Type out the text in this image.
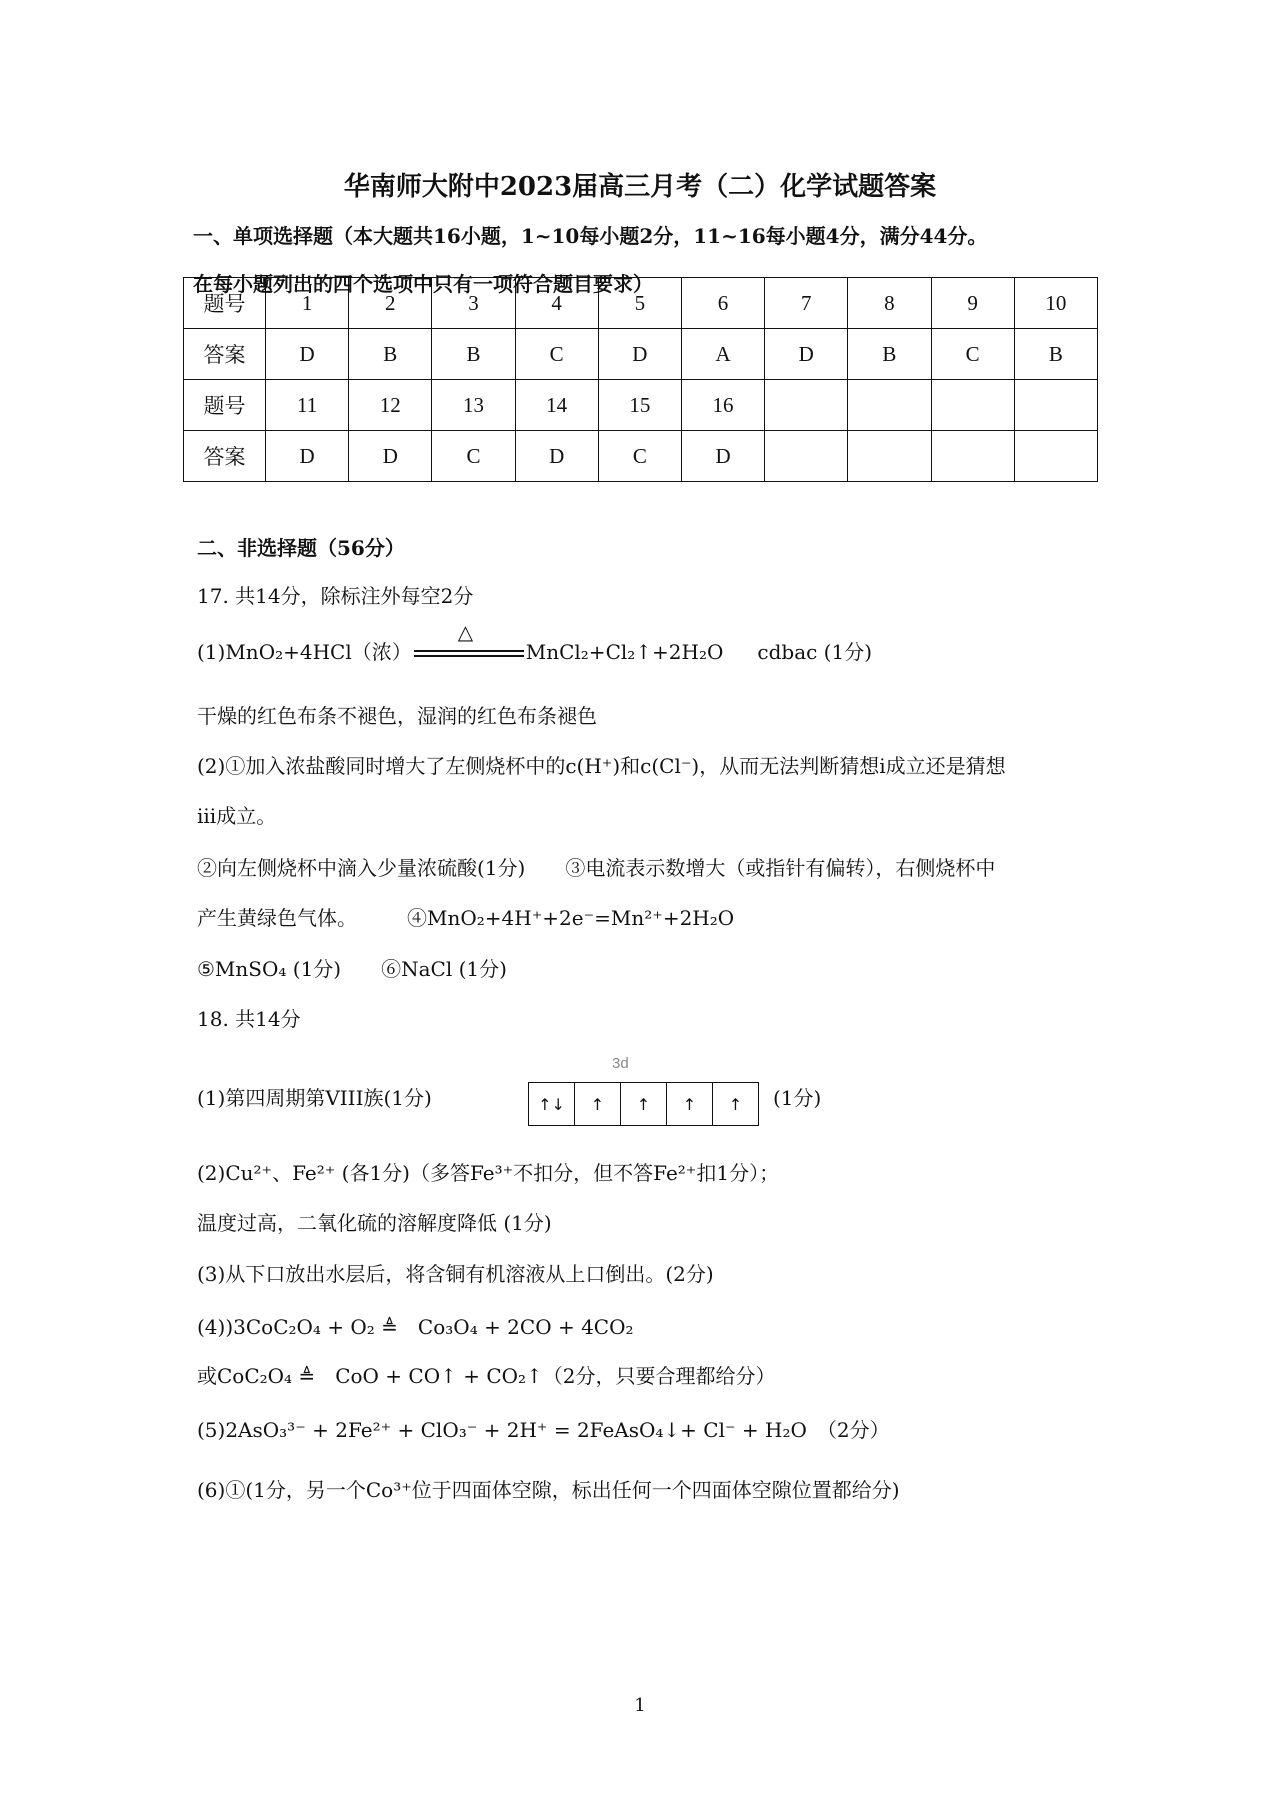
华南师大附中2023届高三月考（二）化学试题答案
一、单项选择题（本大题共16小题，1~10每小题2分，11~16每小题4分，满分44分。
在每小题列出的四个选项中只有一项符合题目要求）
题号	1	2	3	4	5	6	7	8	9	10
答案	D	B	B	C	D	A	D	B	C	B
题号	11	12	13	14	15	16				
答案	D	D	C	D	C	D				
二、非选择题（56分）
17. 共14分，除标注外每空2分
(1)MnO₂+4HCl（浓）
△
MnCl₂+Cl₂↑+2H₂O cdbac (1分)
干燥的红色布条不褪色，湿润的红色布条褪色
(2)①加入浓盐酸同时增大了左侧烧杯中的c(H⁺)和c(Cl⁻)，从而无法判断猜想i成立还是猜想
iii成立。
②向左侧烧杯中滴入少量浓硫酸(1分)　　③电流表示数增大（或指针有偏转），右侧烧杯中
产生黄绿色气体。　　　④MnO₂+4H⁺+2e⁻=Mn²⁺+2H₂O
⑤MnSO₄ (1分)　　⑥NaCl (1分)
18. 共14分
(1)第四周期第VIII族(1分)
3d
↑↓	↑	↑	↑	↑	(1分)
(2)Cu²⁺、Fe²⁺ (各1分)（多答Fe³⁺不扣分，但不答Fe²⁺扣1分）；
温度过高，二氧化硫的溶解度降低 (1分)
(3)从下口放出水层后，将含铜有机溶液从上口倒出。(2分)
(4))3CoC₂O₄ + O₂ ≜　Co₃O₄ + 2CO + 4CO₂
或CoC₂O₄ ≜　CoO + CO↑ + CO₂↑（2分，只要合理都给分）
(5)2AsO₃³⁻ + 2Fe²⁺ + ClO₃⁻ + 2H⁺ = 2FeAsO₄↓+ Cl⁻ + H₂O　（2分）
(6)①(1分，另一个Co³⁺位于四面体空隙，标出任何一个四面体空隙位置都给分)
1
